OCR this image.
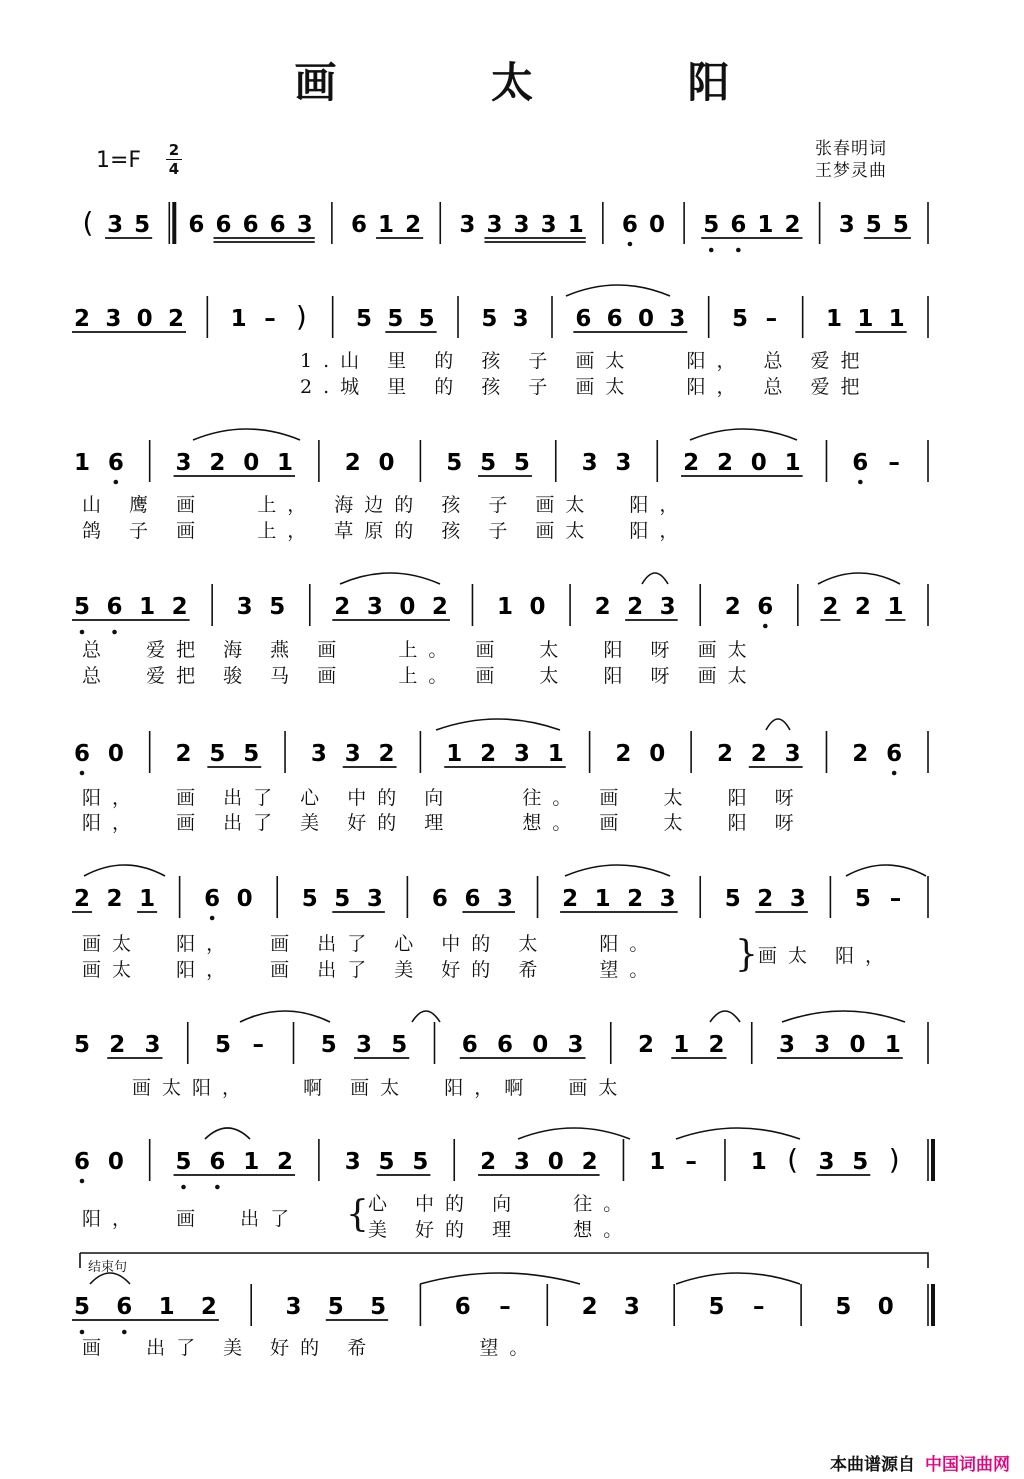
画 太 阳
1=F 2
4
张春明词
王梦灵曲
( 3 5 6 6 6 6 3 6 1 2 3 3 3 3 1 6 0 5 6 1 2 3 5 5
2 3 0 2 1 – ) 5 5 5 5 3 6 6 0 3 5 – 1 1 1
1 6 3 2 0 1 2 0 5 5 5 3 3 2 2 0 1 6 –
5 6 1 2 3 5 2 3 0 2 1 0 2 2 3 2 6 2 2 1
6 0 2 5 5 3 3 2 1 2 3 1 2 0 2 2 3 2 6
2 2 1 6 0 5 5 3 6 6 3 2 1 2 3 5 2 3 5 –
5 2 3 5 – 5 3 5 6 6 0 3 2 1 2 3 3 0 1
6 0 5 6 1 2 3 5 5 2 3 0 2 1 – 1 ( 3 5 )
5 6 1 2	3 5 5	6 –	2 3	5 –	5 0
1.山 里 的 孩 子 画太   阳， 总 爱把
2.城 里 的 孩 子 画太   阳， 总 爱把
山 鹰 画   上， 海边的 孩 子 画太  阳，
鸽 子 画   上， 草原的 孩 子 画太  阳，
总  爱把 海 燕 画   上。 画  太  阳 呀 画太
总  爱把 骏 马 画   上。 画  太  阳 呀 画太
阳，  画 出了 心 中的 向    往。 画  太  阳 呀
阳，  画 出了 美 好的 理    想。 画  太  阳 呀
画太  阳，  画 出了 心 中的 太   阳。
画太  阳，  画 出了 美 好的 希   望。 } 画太 阳，
画太阳，   啊 画太  阳，啊  画太
阳，  画  出了 { 心 中的 向   往。
美 好的 理   想。
画  出了 美 好的 希      望。
结束句
本曲谱源自 中国词曲网
